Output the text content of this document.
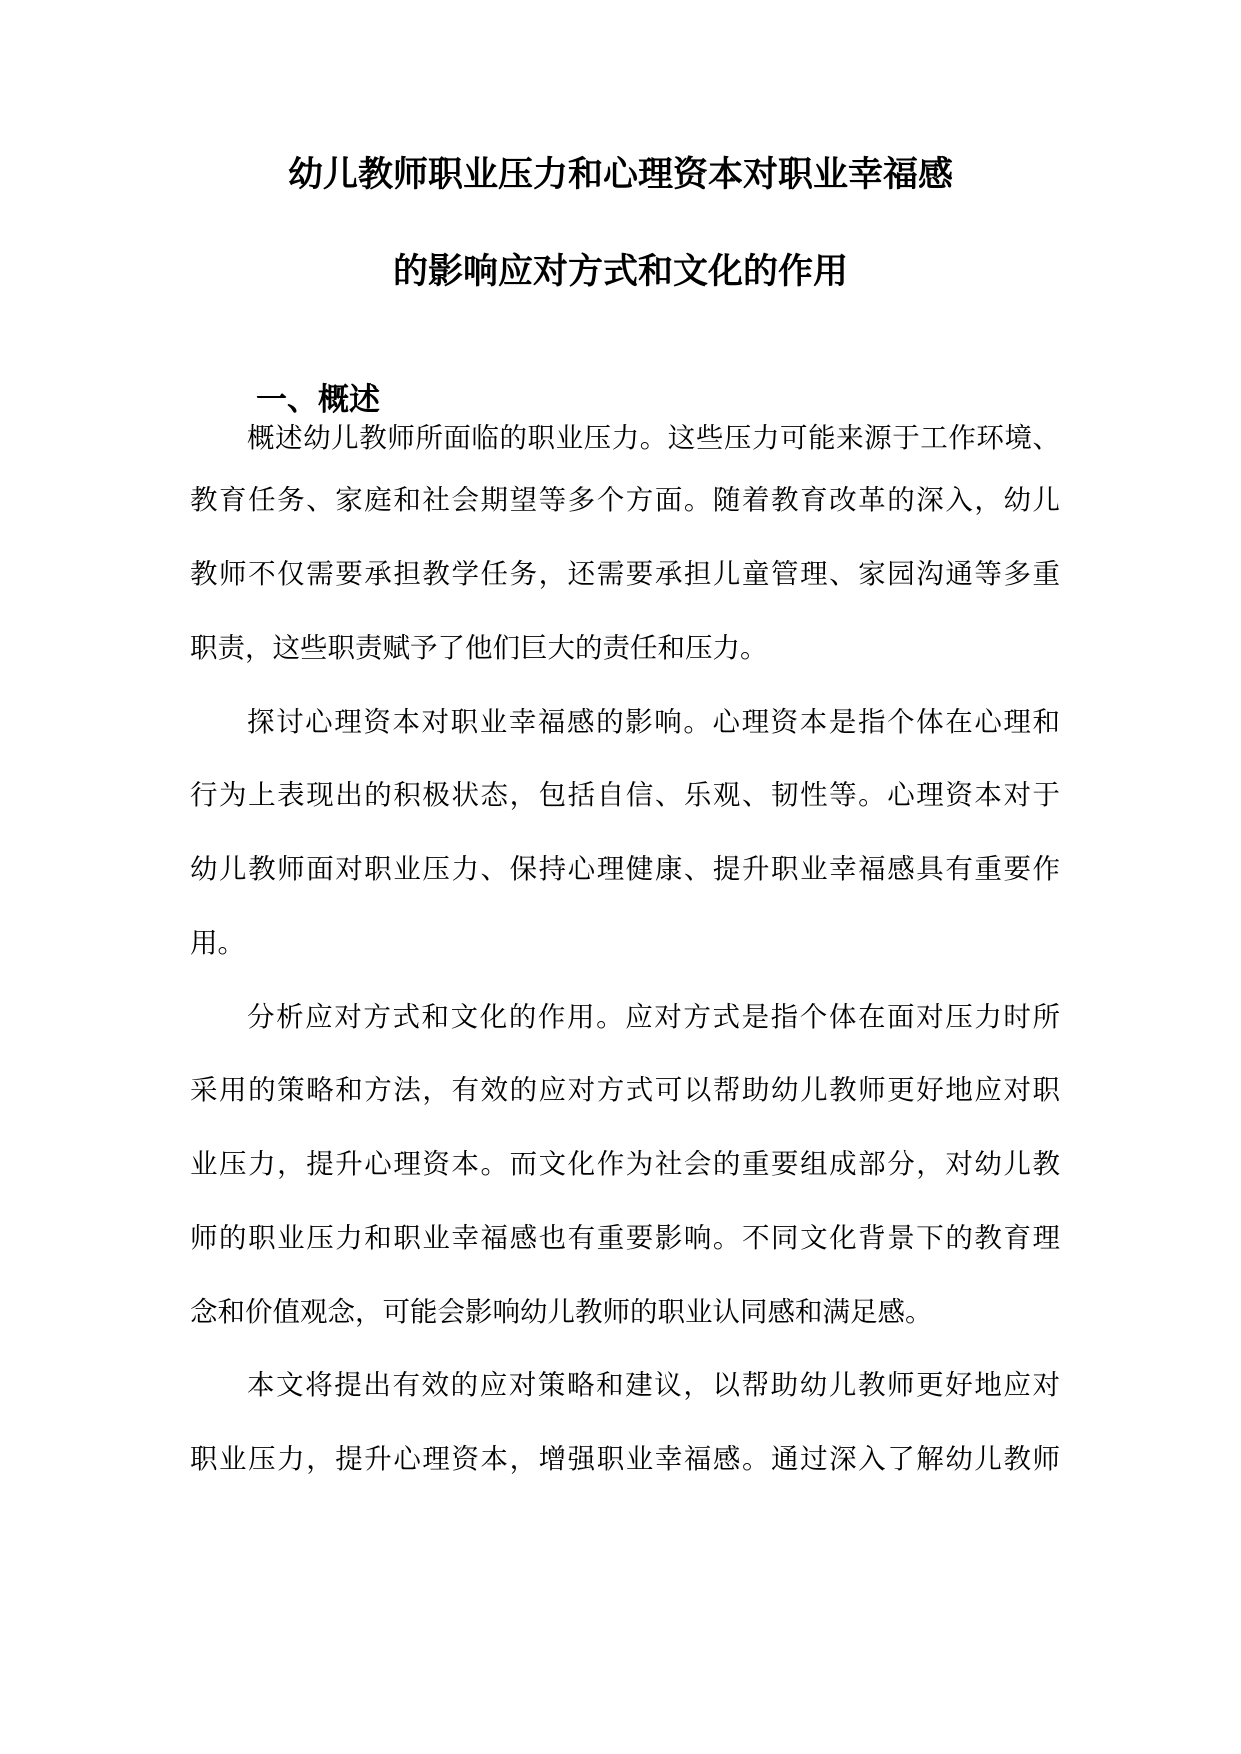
幼儿教师职业压力和心理资本对职业幸福感
的影响应对方式和文化的作用
一、概述
概述幼儿教师所面临的职业压力。这些压力可能来源于工作环境、
教育任务、家庭和社会期望等多个方面。随着教育改革的深入，幼儿
教师不仅需要承担教学任务，还需要承担儿童管理、家园沟通等多重
职责，这些职责赋予了他们巨大的责任和压力。
探讨心理资本对职业幸福感的影响。心理资本是指个体在心理和
行为上表现出的积极状态，包括自信、乐观、韧性等。心理资本对于
幼儿教师面对职业压力、保持心理健康、提升职业幸福感具有重要作
用。
分析应对方式和文化的作用。应对方式是指个体在面对压力时所
采用的策略和方法，有效的应对方式可以帮助幼儿教师更好地应对职
业压力，提升心理资本。而文化作为社会的重要组成部分，对幼儿教
师的职业压力和职业幸福感也有重要影响。不同文化背景下的教育理
念和价值观念，可能会影响幼儿教师的职业认同感和满足感。
本文将提出有效的应对策略和建议，以帮助幼儿教师更好地应对
职业压力，提升心理资本，增强职业幸福感。通过深入了解幼儿教师
